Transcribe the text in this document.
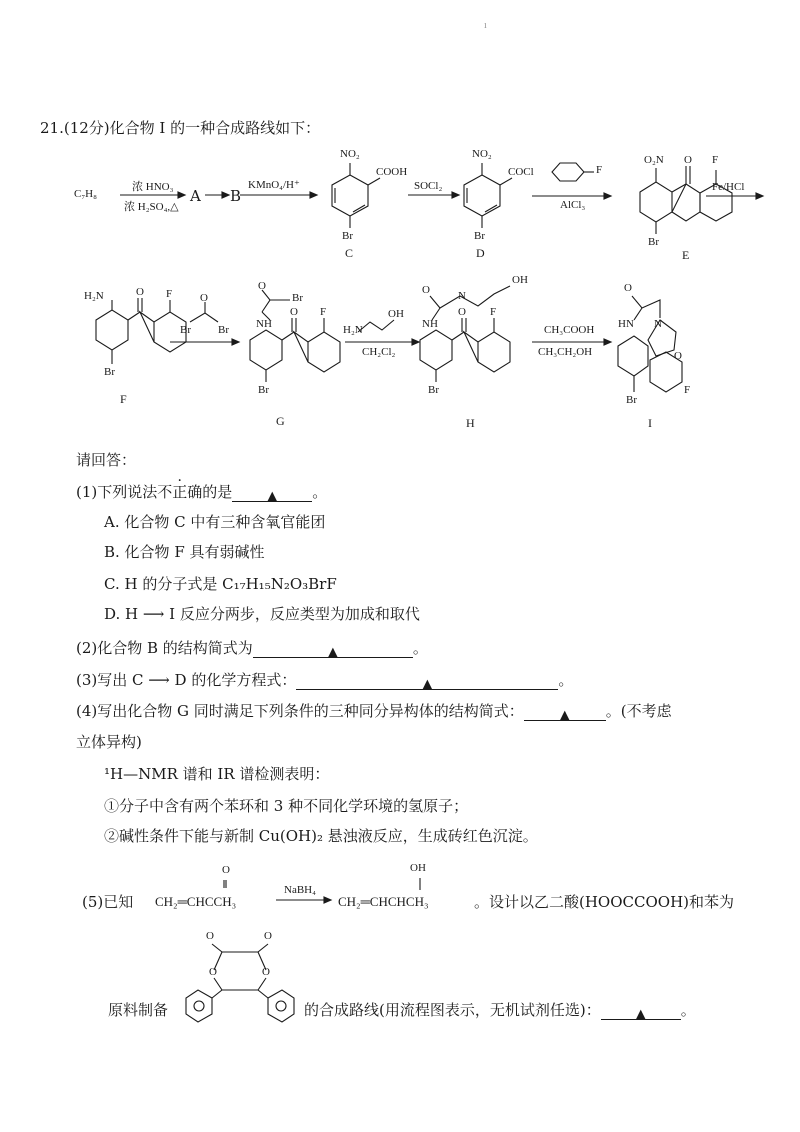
ı
21.(12分)化合物 I 的一种合成路线如下：
C₇H₈
浓 HNO₃
浓 H₂SO₄,△
A B
KMnO₄/H⁺
NO₂
COOH
Br
C
SOCl₂
NO₂
COCl
Br
D
F
AlCl₃
O₂N O F
Br
E
Fe/HCl
H₂N	O F
Br
F
O
Br Br
O
Br
NH
O F
Br
G
H₂N
OH
CH₂Cl₂
O	N
OH
NH
O F
Br
H
CH₃COOH
CH₃CH₂OH
O
HN N
O
F
Br
I
请回答：
(1)下列说法不正确的是	▲ 。
A. 化合物 C 中有三种含氧官能团
B. 化合物 F 具有弱碱性
C. H 的分子式是 C₁₇H₁₅N₂O₃BrF
D. H ⟶ I 反应分两步，反应类型为加成和取代
(2)化合物 B 的结构简式为	▲	。
(3)写出 C ⟶ D 的化学方程式：	▲	。
(4)写出化合物 G 同时满足下列条件的三种同分异构体的结构简式：	▲ 。(不考虑
立体异构)
¹H—NMR 谱和 IR 谱检测表明：
①分子中含有两个苯环和 3 种不同化学环境的氢原子；
②碱性条件下能与新制 Cu(OH)₂ 悬浊液反应，生成砖红色沉淀。
(5)已知
O
CH₂═CHCCH₃
NaBH₄
OH
CH₂═CHCHCH₃	。设计以乙二酸(HOOCCOOH)和苯为
O	O
O	O
原料制备	的合成路线(用流程图表示，无机试剂任选)：	▲ 。
